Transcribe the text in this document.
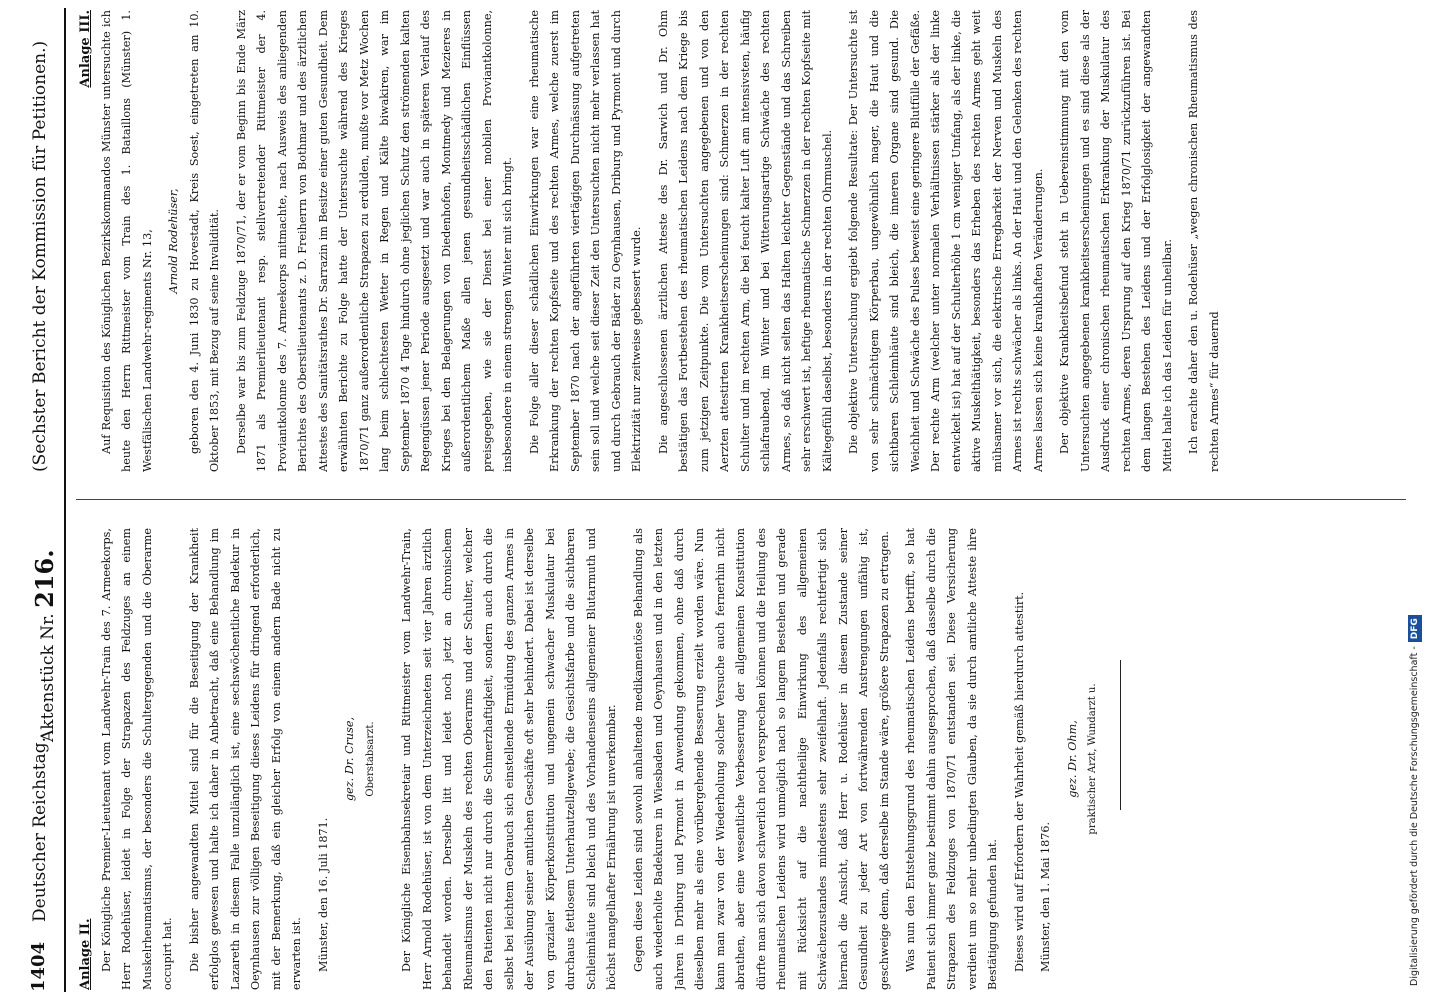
1404
Deutscher Reichstag.
Aktenstück Nr. 216.
(Sechster Bericht der Kommission für Petitionen.)
Anlage II. Der Königliche Premier-Lieutenant vom Landwehr-Train des 7. Armeekorps, Herr Rodehüser, leidet in Folge der Strapazen des Feldzuges an einem Muskelrheumatismus, der besonders die Schultergegenden und die Oberarme occupirt hat.	Die bisher angewandten Mittel sind für die Beseitigung der Krankheit erfolglos gewesen und halte ich daher in Anbetracht, daß eine Behandlung im Lazareth in diesem Falle unzulänglich ist, eine sechswöchentliche Badekur in Oeynhausen zur völligen Beseitigung dieses Leidens für dringend erforderlich, mit der Bemerkung, daß ein gleicher Erfolg von einem andern Bade nicht zu erwarten ist.	Münster, den 16. Juli 1871.
gez. Dr. Cruse, Oberstabsarzt.	Der Königliche Eisenbahnsekretair und Rittmeister vom Landwehr-Train, Herr Arnold Rodehüser, ist von dem Unterzeichneten seit vier Jahren ärztlich behandelt worden. Derselbe litt und leidet noch jetzt an chronischem Rheumatismus der Muskeln des rechten Oberarms und der Schulter, welcher den Patienten nicht nur durch die Schmerzhaftigkeit, sondern auch durch die selbst bei leichtem Gebrauch sich einstellende Ermüdung des ganzen Armes in der Ausübung seiner amtlichen Geschäfte oft sehr behindert. Dabei ist derselbe von grazialer Körperkonstitution und ungemein schwacher Muskulatur bei durchaus fettlosem Unterhautzellgewebe; die Gesichtsfarbe und die sichtbaren Schleimhäute sind bleich und des Vorhandenseins allgemeiner Blutarmuth und höchst mangelhafter Ernährung ist unverkennbar.	Gegen diese Leiden sind sowohl anhaltende medikamentöse Behandlung als auch wiederholte Badekuren in Wiesbaden und Oeynhausen und in den letzten Jahren in Driburg und Pyrmont in Anwendung gekommen, ohne daß durch dieselben mehr als eine vorübergehende Besserung erzielt worden wäre. Nun kann man zwar von der Wiederholung solcher Versuche auch fernerhin nicht abrathen, aber eine wesentliche Verbesserung der allgemeinen Konstitution dürfte man sich davon schwerlich noch versprechen können und die Heilung des rheumatischen Leidens wird unmöglich nach so langem Bestehen und gerade mit Rücksicht auf die nachtheilige Einwirkung des allgemeinen Schwächezustandes mindestens sehr zweifelhaft. Jedenfalls rechtfertigt sich hiernach die Ansicht, daß Herr u. Rodehüser in diesem Zustande seiner Gesundheit zu jeder Art von fortwährenden Anstrengungen unfähig ist, geschweige denn, daß derselbe im Stande wäre, größere Strapazen zu ertragen.	Was nun den Entstehungsgrund des rheumatischen Leidens betrifft, so hat Patient sich immer ganz bestimmt dahin ausgesprochen, daß dasselbe durch die Strapazen des Feldzuges von 1870/71 entstanden sei. Diese Versicherung verdient um so mehr unbedingten Glauben, da sie durch amtliche Atteste ihre Bestätigung gefunden hat.	Dieses wird auf Erfordern der Wahrheit gemäß hierdurch attestirt.	Münster, den 1. Mai 1876.
gez. Dr. Ohm, praktischer Arzt, Wundarzt u.
Anlage III. Auf Requisition des Königlichen Bezirkskommandos Münster untersuchte ich heute den Herrn Rittmeister vom Train des 1. Bataillons (Münster) 1. Westfälischen Landwehr-regiments Nr. 13,	Arnold Rodehüser, geboren den 4. Juni 1830 zu Hovestadt, Kreis Soest, eingetreten am 10. Oktober 1853, mit Bezug auf seine Invalidität.	Derselbe war bis zum Feldzuge 1870/71, der er vom Beginn bis Ende März 1871 als Premierlieutenant resp. stellvertretender Rittmeister der 4. Proviantkolonne des 7. Armeekorps mitmachte, nach Ausweis des anliegenden Berichtes des Oberstlieutenants z. D. Freiherrn von Bothmar und des ärztlichen Attestes des Sanitätsrathes Dr. Sarrazin im Besitze einer guten Gesundheit. Dem erwähnten Berichte zu Folge hatte der Untersuchte während des Krieges 1870/71 ganz außerordentliche Strapazen zu erdulden, mußte vor Metz Wochen lang beim schlechtesten Wetter in Regen und Kälte biwakiren, war im September 1870 4 Tage hindurch ohne jeglichen Schutz den strömenden kalten Regengüssen jener Periode ausgesetzt und war auch in späteren Verlauf des Krieges bei den Belagerungen von Diedenhofen, Montmedy und Mezieres in außerordentlichem Maße allen jenen gesundheitsschädlichen Einflüssen preisgegeben, wie sie der Dienst bei einer mobilen Proviantkolonne, insbesondere in einem strengen Winter mit sich bringt.	Die Folge aller dieser schädlichen Einwirkungen war eine rheumatische Erkrankung der rechten Kopfseite und des rechten Armes, welche zuerst im September 1870 nach der angeführten viertägigen Durchnässung aufgetreten sein soll und welche seit dieser Zeit den Untersuchten nicht mehr verlassen hat und durch Gebrauch der Bäder zu Oeynhausen, Driburg und Pyrmont und durch Elektrizität nur zeitweise gebessert wurde.	Die angeschlossenen ärztlichen Atteste des Dr. Sarwich und Dr. Ohm bestätigen das Fortbestehen des rheumatischen Leidens nach dem Kriege bis zum jetzigen Zeitpunkte. Die vom Untersuchten angegebenen und von den Aerzten attestirten Krankheitserscheinungen sind: Schmerzen in der rechten Schulter und im rechten Arm, die bei feucht kalter Luft am intensivsten, häufig schlafraubend, im Winter und bei Witterungsartige Schwäche des rechten Armes, so daß nicht selten das Halten leichter Gegenstände und das Schreiben sehr erschwert ist, heftige rheumatische Schmerzen in der rechten Kopfseite mit Kältegefühl daselbst, besonders in der rechten Ohrmuschel.	Die objektive Untersuchung ergiebt folgende Resultate: Der Untersuchte ist von sehr schmächtigem Körperbau, ungewöhnlich mager, die Haut und die sichtbaren Schleimhäute sind bleich, die inneren Organe sind gesund. Die Weichheit und Schwäche des Pulses beweist eine geringere Blutfülle der Gefäße. Der rechte Arm (welcher unter normalen Verhältnissen stärker als der linke entwickelt ist) hat auf der Schulterhöhe 1 cm weniger Umfang, als der linke, die aktive Muskelthätigkeit, besonders das Erheben des rechten Armes geht weit mühsamer vor sich, die elektrische Erregbarkeit der Nerven und Muskeln des Armes ist rechts schwächer als links. An der Haut und den Gelenken des rechten Armes lassen sich keine krankhaften Veränderungen.	Der objektive Krankheitsbefund steht in Uebereinstimmung mit den vom Untersuchten angegebenen krankheitserscheinungen und es sind diese als der Ausdruck einer chronischen rheumatischen Erkrankung der Muskulatur des rechten Armes, deren Ursprung auf den Krieg 1870/71 zurückzuführen ist. Bei dem langen Bestehen des Leidens und der Erfolglosigkeit der angewandten Mittel halte ich das Leiden für unheilbar.	Ich erachte daher den u. Rodehüser „wegen chronischen Rheumatismus des rechten Armes“ für dauernd

Digitalisierung gefördert durch die Deutsche Forschungsgemeinschaft -DFG
